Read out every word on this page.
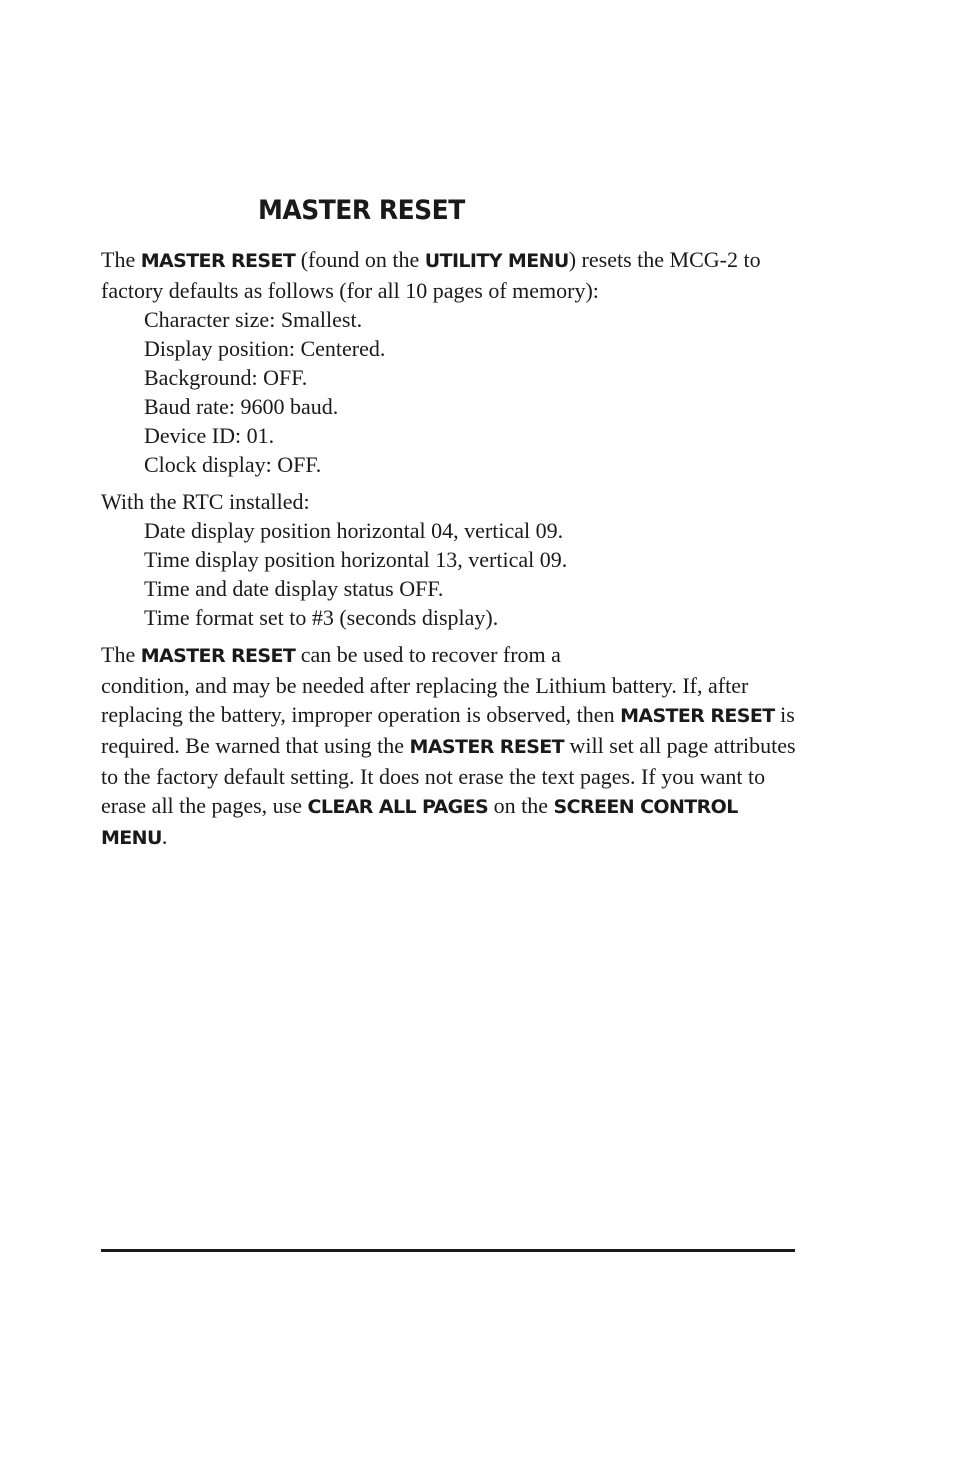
MASTER RESET

The MASTER RESET (found on the UTILITY MENU) resets the MCG-2 to factory defaults as follows (for all 10 pages of memory):

Character size: Smallest.
Display position: Centered.
Background: OFF.
Baud rate: 9600 baud.
Device ID: 01.
Clock display: OFF.

With the RTC installed:

Date display position horizontal 04, vertical 09.
Time display position horizontal 13, vertical 09.
Time and date display status OFF.
Time format set to #3 (seconds display).

The MASTER RESET can be used to recover from a
condition, and may be needed after replacing the Lithium battery. If, after replacing the battery, improper operation is observed, then MASTER RESET is required. Be warned that using the MASTER RESET will set all page attributes to the factory default setting. It does not erase the text pages. If you want to erase all the pages, use CLEAR ALL PAGES on the SCREEN CONTROL MENU.
